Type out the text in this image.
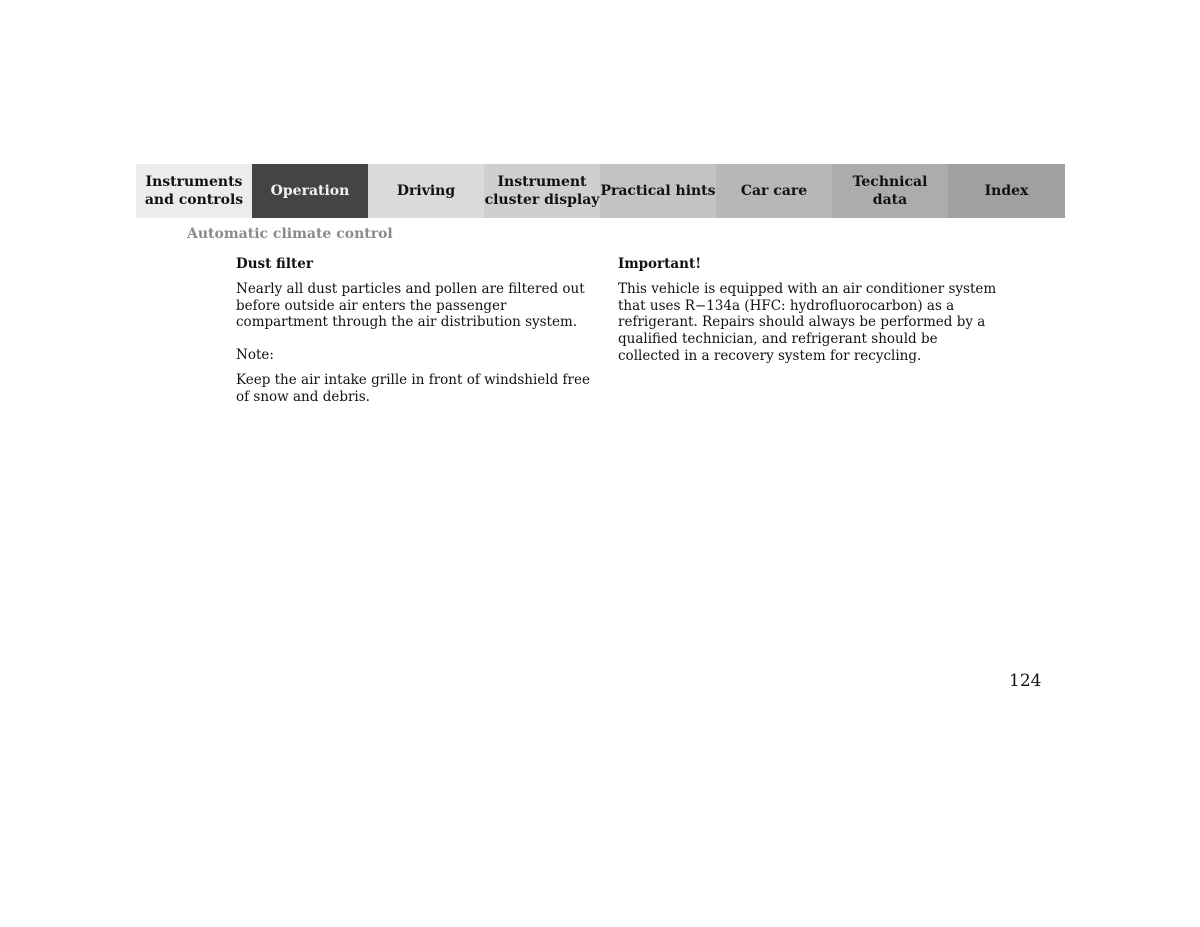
Instruments
and controls
Operation	Driving
Instrument
cluster display
Practical hints	Car care
Technical
data
Index
Automatic climate control

Dust filter

Nearly all dust particles and pollen are filtered out before outside air enters the passenger compartment through the air distribution system.

Note:

Keep the air intake grille in front of windshield free of snow and debris.

Important!

This vehicle is equipped with an air conditioner system that uses R−134a (HFC: hydrofluorocarbon) as a refrigerant. Repairs should always be performed by a qualified technician, and refrigerant should be collected in a recovery system for recycling.

124
